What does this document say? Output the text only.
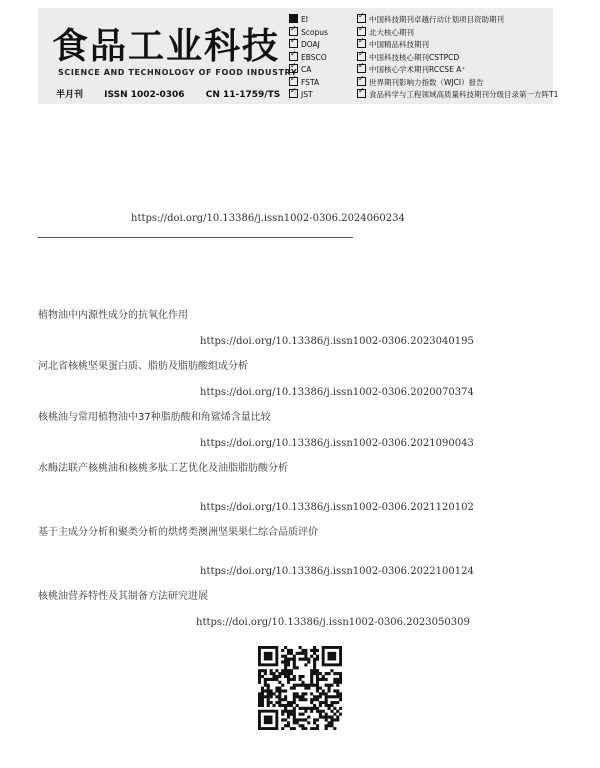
食品工业科技
SCIENCE AND TECHNOLOGY OF FOOD INDUSTRY
半月刊 ISSN 1002-0306 CN 11-1759/TS
EI
✓Scopus
✓DOAJ
✓EBSCO
✓CA
✓FSTA
✓JST
✓中国科技期刊卓越行动计划项目资助期刊
✓北大核心期刊
✓中国精品科技期刊
✓中国科技核心期刊CSTPCD
✓中国核心学术期刊RCCSE A⁺
✓世界期刊影响力指数（WJCI）报告
✓食品科学与工程领域高质量科技期刊分级目录第一方阵T1
https://doi.org/10.13386/j.issn1002-0306.2024060234
植物油中内源性成分的抗氧化作用
https://doi.org/10.13386/j.issn1002-0306.2023040195
河北省核桃坚果蛋白质、脂肪及脂肪酸组成分析
https://doi.org/10.13386/j.issn1002-0306.2020070374
核桃油与常用植物油中37种脂肪酸和角鲨烯含量比较
https://doi.org/10.13386/j.issn1002-0306.2021090043
水酶法联产核桃油和核桃多肽工艺优化及油脂脂肪酸分析
https://doi.org/10.13386/j.issn1002-0306.2021120102
基于主成分分析和聚类分析的烘烤类澳洲坚果果仁综合品质评价
https://doi.org/10.13386/j.issn1002-0306.2022100124
核桃油营养特性及其制备方法研究进展
https://doi.org/10.13386/j.issn1002-0306.2023050309
